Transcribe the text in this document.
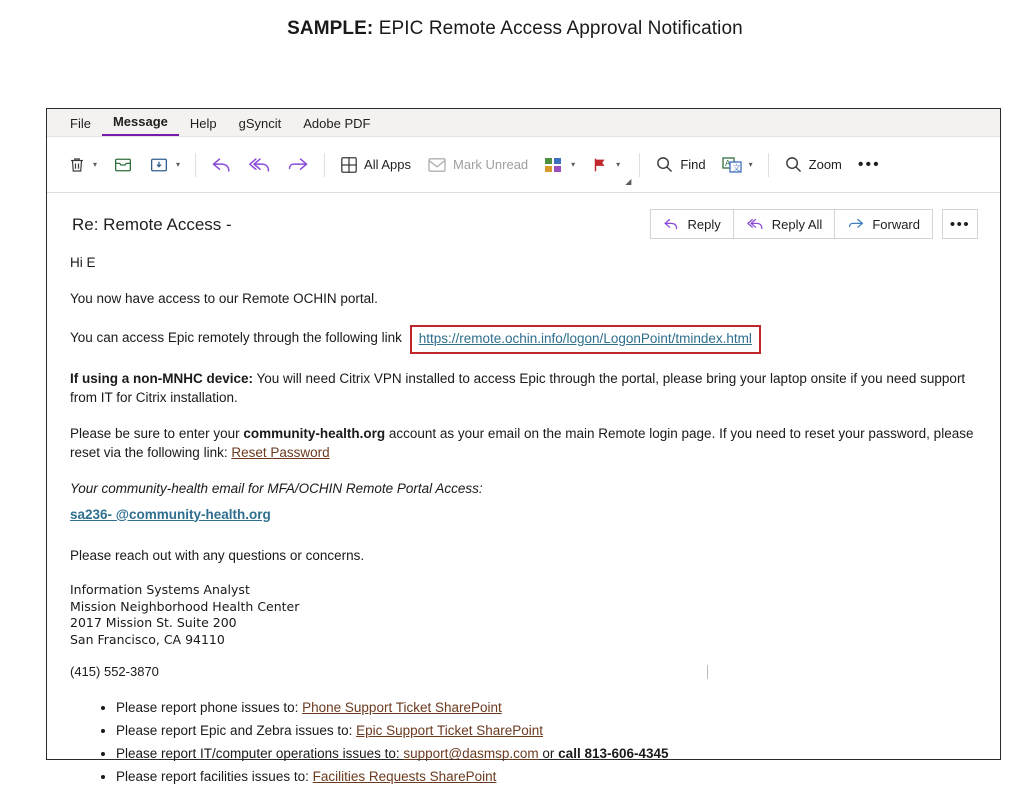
SAMPLE: EPIC Remote Access Approval Notification
File	Message	Help	gSyncit	Adobe PDF
▾	▾	All Apps	Mark Unread	▾	▾
◢
Find A 文 ▾	Zoom •••
Re: Remote Access -	Reply	Reply All	Forward	•••

Hi E

You now have access to our Remote OCHIN portal.

You can access Epic remotely through the following link https://remote.ochin.info/logon/LogonPoint/tmindex.html

If using a non-MNHC device: You will need Citrix VPN installed to access Epic through the portal, please bring your laptop onsite if you need support from IT for Citrix installation.

Please be sure to enter your community-health.org account as your email on the main Remote login page. If you need to reset your password, please reset via the following link: Reset Password

Your community-health email for MFA/OCHIN Remote Portal Access:

sa236- @community-health.org

Please reach out with any questions or concerns.

Information Systems Analyst
Mission Neighborhood Health Center
2017 Mission St. Suite 200
San Francisco, CA 94110

(415) 552-3870

• Please report phone issues to: Phone Support Ticket SharePoint
• Please report Epic and Zebra issues to: Epic Support Ticket SharePoint
• Please report IT/computer operations issues to: support@dasmsp.com or call 813-606-4345
• Please report facilities issues to: Facilities Requests SharePoint
